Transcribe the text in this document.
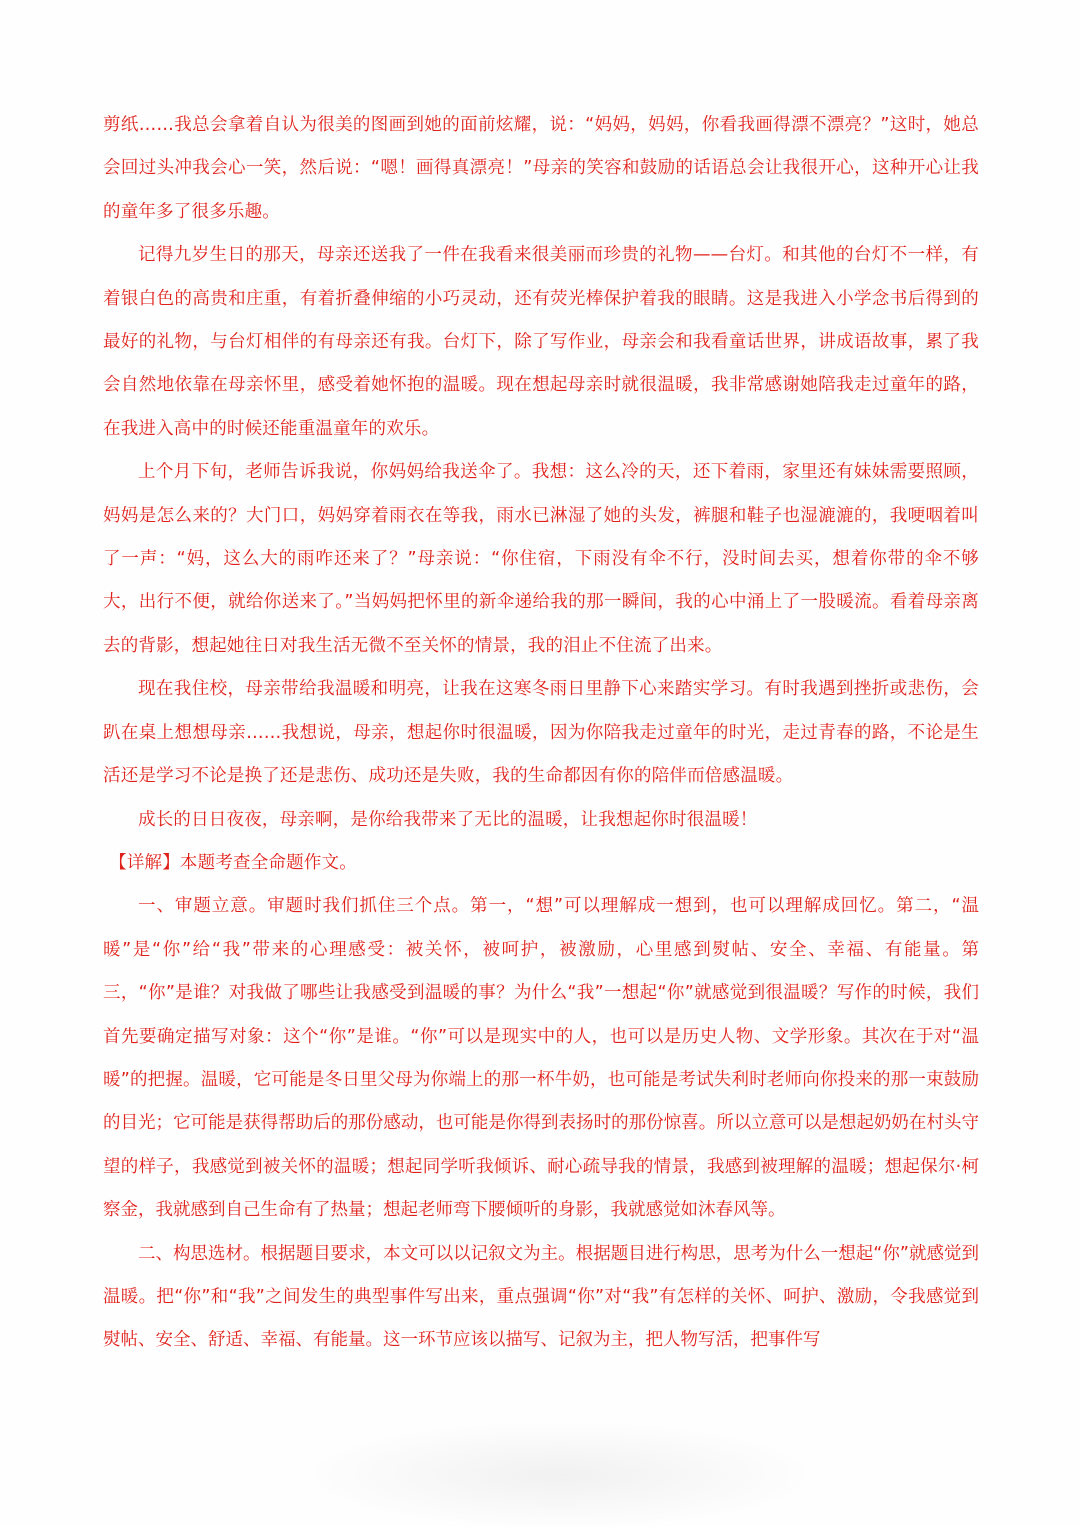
剪纸……我总会拿着自认为很美的图画到她的面前炫耀，说：“妈妈，妈妈，你看我画得漂不漂亮？”这时，她总会回过头冲我会心一笑，然后说：“嗯！画得真漂亮！”母亲的笑容和鼓励的话语总会让我很开心，这种开心让我的童年多了很多乐趣。

记得九岁生日的那天，母亲还送我了一件在我看来很美丽而珍贵的礼物——台灯。和其他的台灯不一样，有着银白色的高贵和庄重，有着折叠伸缩的小巧灵动，还有荧光棒保护着我的眼睛。这是我进入小学念书后得到的最好的礼物，与台灯相伴的有母亲还有我。台灯下，除了写作业，母亲会和我看童话世界，讲成语故事，累了我会自然地依靠在母亲怀里，感受着她怀抱的温暖。现在想起母亲时就很温暖，我非常感谢她陪我走过童年的路，在我进入高中的时候还能重温童年的欢乐。

上个月下旬，老师告诉我说，你妈妈给我送伞了。我想：这么冷的天，还下着雨，家里还有妹妹需要照顾，妈妈是怎么来的？大门口，妈妈穿着雨衣在等我，雨水已淋湿了她的头发，裤腿和鞋子也湿漉漉的，我哽咽着叫了一声：“妈，这么大的雨咋还来了？”母亲说：“你住宿，下雨没有伞不行，没时间去买，想着你带的伞不够大，出行不便，就给你送来了。”当妈妈把怀里的新伞递给我的那一瞬间，我的心中涌上了一股暖流。看着母亲离去的背影，想起她往日对我生活无微不至关怀的情景，我的泪止不住流了出来。

现在我住校，母亲带给我温暖和明亮，让我在这寒冬雨日里静下心来踏实学习。有时我遇到挫折或悲伤，会趴在桌上想想母亲……我想说，母亲，想起你时很温暖，因为你陪我走过童年的时光，走过青春的路，不论是生活还是学习不论是换了还是悲伤、成功还是失败，我的生命都因有你的陪伴而倍感温暖。

成长的日日夜夜，母亲啊，是你给我带来了无比的温暖，让我想起你时很温暖！

【详解】本题考查全命题作文。

一、审题立意。审题时我们抓住三个点。第一，“想”可以理解成一想到，也可以理解成回忆。第二，“温暖”是“你”给“我”带来的心理感受：被关怀，被呵护，被激励，心里感到熨帖、安全、幸福、有能量。第三，“你”是谁？对我做了哪些让我感受到温暖的事？为什么“我”一想起“你”就感觉到很温暖？写作的时候，我们首先要确定描写对象：这个“你”是谁。“你”可以是现实中的人，也可以是历史人物、文学形象。其次在于对“温暖”的把握。温暖，它可能是冬日里父母为你端上的那一杯牛奶，也可能是考试失利时老师向你投来的那一束鼓励的目光；它可能是获得帮助后的那份感动，也可能是你得到表扬时的那份惊喜。所以立意可以是想起奶奶在村头守望的样子，我感觉到被关怀的温暖；想起同学听我倾诉、耐心疏导我的情景，我感到被理解的温暖；想起保尔·柯察金，我就感到自己生命有了热量；想起老师弯下腰倾听的身影，我就感觉如沐春风等。

二、构思选材。根据题目要求，本文可以以记叙文为主。根据题目进行构思，思考为什么一想起“你”就感觉到温暖。把“你”和“我”之间发生的典型事件写出来，重点强调“你”对“我”有怎样的关怀、呵护、激励，令我感觉到熨帖、安全、舒适、幸福、有能量。这一环节应该以描写、记叙为主，把人物写活，把事件写
